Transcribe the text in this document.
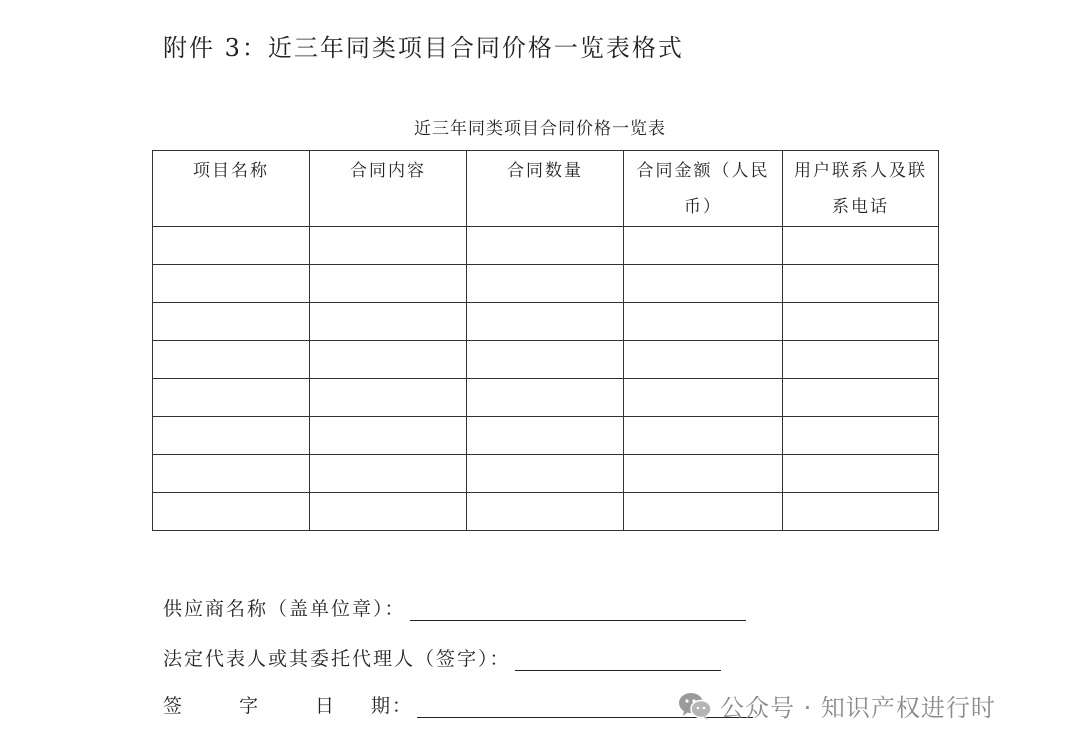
附件 3：近三年同类项目合同价格一览表格式
近三年同类项目合同价格一览表
项目名称	合同内容	合同数量	合同金额（人民币）	用户联系人及联系电话

供应商名称（盖单位章）：
法定代表人或其委托代理人（签字）：
签	字	日	期：	公众号 · 知识产权进行时
